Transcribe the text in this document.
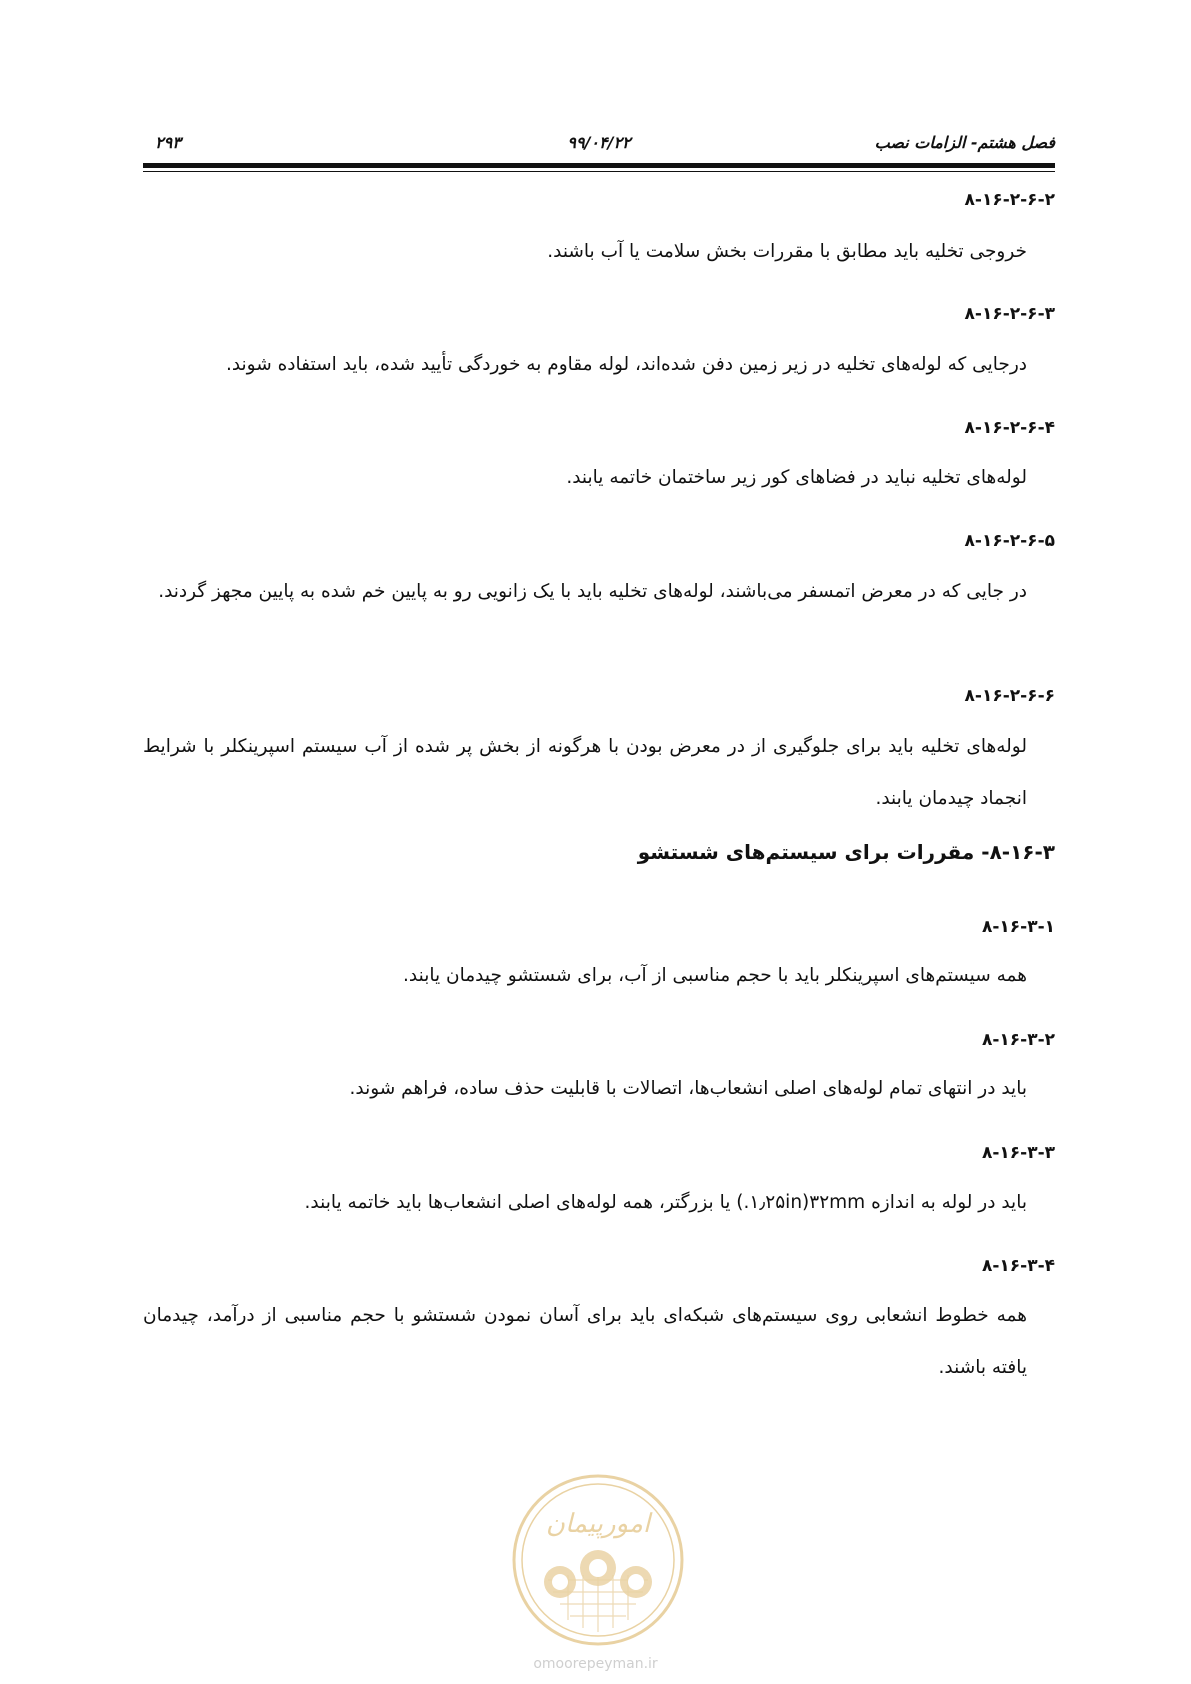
فصل هشتم- الزامات نصب
۹۹/۰۴/۲۲
۲۹۳
۸-۱۶-۲-۶-۲
خروجی تخلیه باید مطابق با مقررات بخش سلامت یا آب باشند.
۸-۱۶-۲-۶-۳
درجایی که لوله‌های تخلیه در زیر زمین دفن شده‌اند، لوله مقاوم به خوردگی تأیید شده، باید استفاده شوند.
۸-۱۶-۲-۶-۴
لوله‌های تخلیه نباید در فضاهای کور زیر ساختمان خاتمه یابند.
۸-۱۶-۲-۶-۵
در جایی که در معرض اتمسفر می‌باشند، لوله‌های تخلیه باید با یک زانویی رو به پایین خم شده به پایین مجهز گردند.
۸-۱۶-۲-۶-۶
لوله‌های تخلیه باید برای جلوگیری از در معرض بودن با هرگونه از بخش پر شده از آب سیستم اسپرینکلر با شرایط انجماد چیدمان یابند.
۸-۱۶-۳- مقررات برای سیستم‌های شستشو
۸-۱۶-۳-۱
همه سیستم‌های اسپرینکلر باید با حجم مناسبی از آب، برای شستشو چیدمان یابند.
۸-۱۶-۳-۲
باید در انتهای تمام لوله‌های اصلی انشعاب‌ها، اتصالات با قابلیت حذف ساده، فراهم شوند.
۸-۱۶-۳-۳
باید در لوله به اندازه ۳۲mm(۱٫۲۵in.) یا بزرگتر، همه لوله‌های اصلی انشعاب‌ها باید خاتمه یابند.
۸-۱۶-۳-۴
همه خطوط انشعابی روی سیستم‌های شبکه‌ای باید برای آسان نمودن شستشو با حجم مناسبی از درآمد، چیدمان یافته باشند.
امورپیمان
omoorepeyman.ir
